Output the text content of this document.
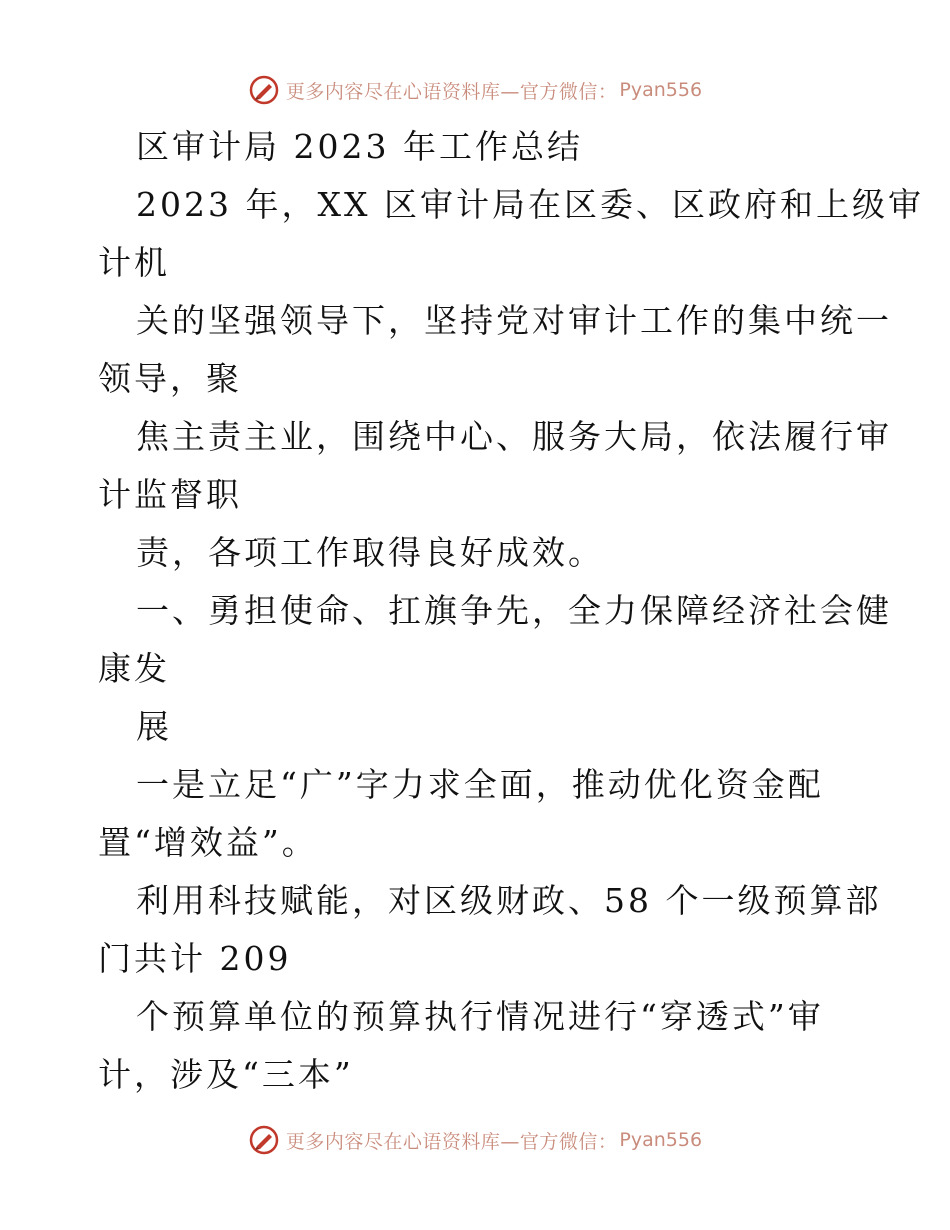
更多内容尽在心语资料库—官方微信： Pyan556
区审计局 2023 年工作总结
2023 年，XX 区审计局在区委、区政府和上级审
计机
关的坚强领导下，坚持党对审计工作的集中统一
领导，聚
焦主责主业，围绕中心、服务大局，依法履行审
计监督职
责，各项工作取得良好成效。
一、勇担使命、扛旗争先，全力保障经济社会健
康发
展
一是立足“广”字力求全面，推动优化资金配
置“增效益”。
利用科技赋能，对区级财政、58 个一级预算部
门共计 209
个预算单位的预算执行情况进行“穿透式”审
计，涉及“三本”
更多内容尽在心语资料库—官方微信： Pyan556
